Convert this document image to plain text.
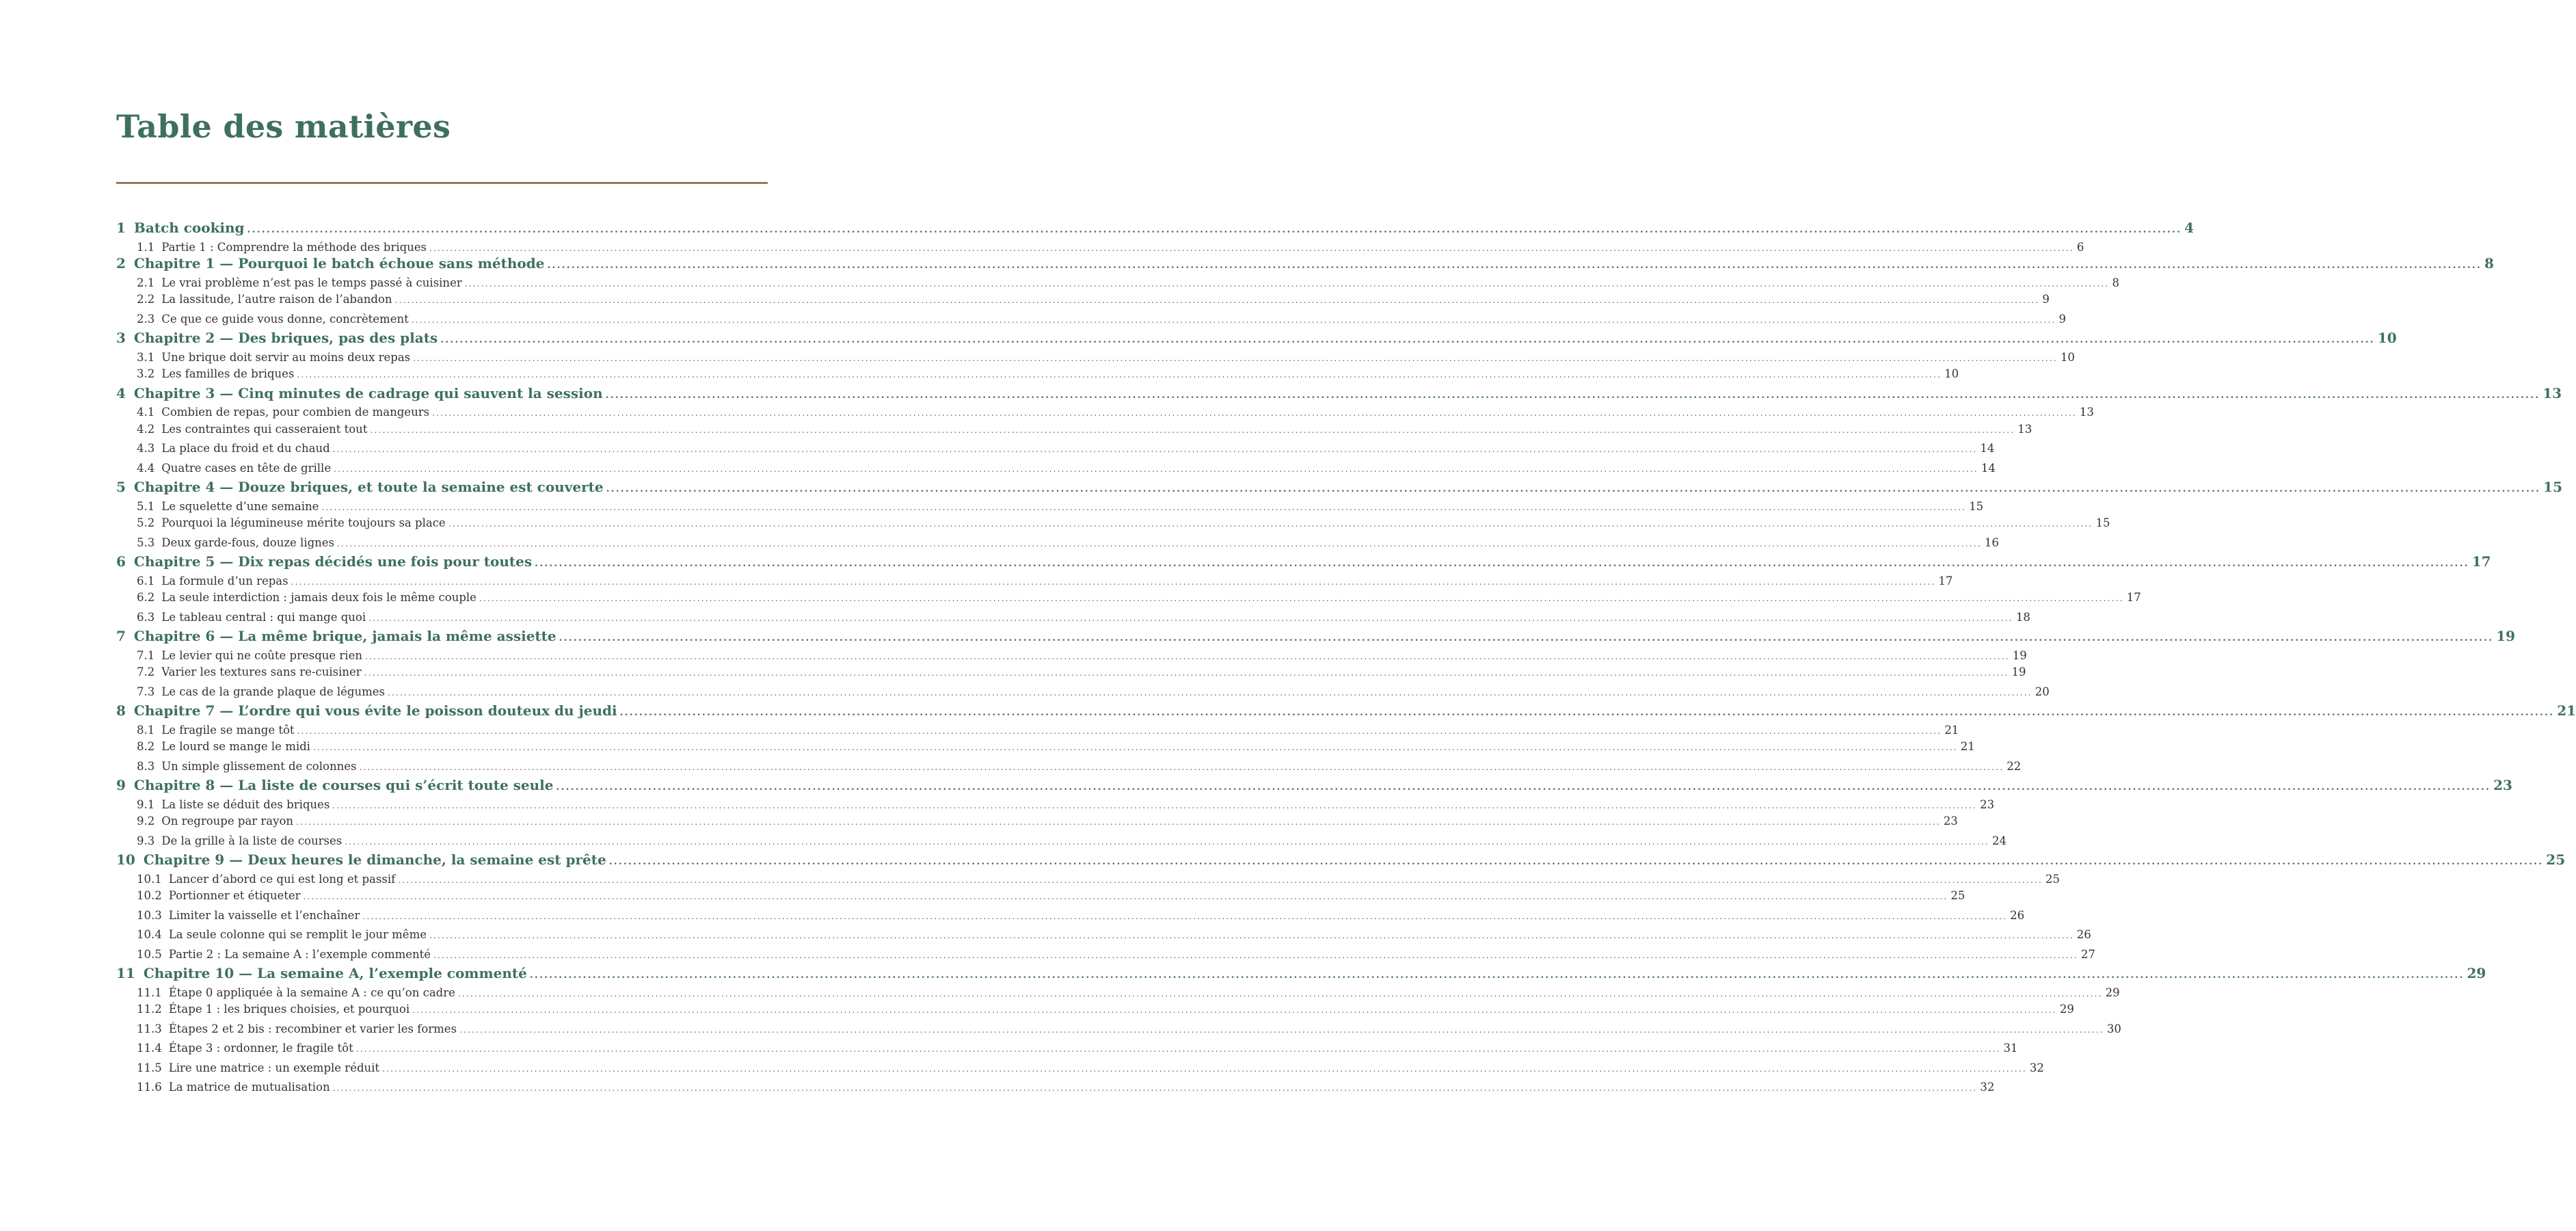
Table des matières
1 Batch cooking ................................................................................................................................................................................................................................................................................................................................................................................................................ 4
1.1 Partie 1 : Comprendre la méthode des briques ................................................................................................................................................................................................................................................................................................................................................................................................................ 6
2 Chapitre 1 — Pourquoi le batch échoue sans méthode ................................................................................................................................................................................................................................................................................................................................................................................................................ 8
2.1 Le vrai problème n’est pas le temps passé à cuisiner ................................................................................................................................................................................................................................................................................................................................................................................................................ 8
2.2 La lassitude, l’autre raison de l’abandon ................................................................................................................................................................................................................................................................................................................................................................................................................ 9
2.3 Ce que ce guide vous donne, concrètement ................................................................................................................................................................................................................................................................................................................................................................................................................ 9
3 Chapitre 2 — Des briques, pas des plats ................................................................................................................................................................................................................................................................................................................................................................................................................ 10
3.1 Une brique doit servir au moins deux repas ................................................................................................................................................................................................................................................................................................................................................................................................................ 10
3.2 Les familles de briques ................................................................................................................................................................................................................................................................................................................................................................................................................ 10
4 Chapitre 3 — Cinq minutes de cadrage qui sauvent la session ................................................................................................................................................................................................................................................................................................................................................................................................................ 13
4.1 Combien de repas, pour combien de mangeurs ................................................................................................................................................................................................................................................................................................................................................................................................................ 13
4.2 Les contraintes qui casseraient tout ................................................................................................................................................................................................................................................................................................................................................................................................................ 13
4.3 La place du froid et du chaud ................................................................................................................................................................................................................................................................................................................................................................................................................ 14
4.4 Quatre cases en tête de grille ................................................................................................................................................................................................................................................................................................................................................................................................................ 14
5 Chapitre 4 — Douze briques, et toute la semaine est couverte ................................................................................................................................................................................................................................................................................................................................................................................................................ 15
5.1 Le squelette d’une semaine ................................................................................................................................................................................................................................................................................................................................................................................................................ 15
5.2 Pourquoi la légumineuse mérite toujours sa place ................................................................................................................................................................................................................................................................................................................................................................................................................ 15
5.3 Deux garde-fous, douze lignes ................................................................................................................................................................................................................................................................................................................................................................................................................ 16
6 Chapitre 5 — Dix repas décidés une fois pour toutes ................................................................................................................................................................................................................................................................................................................................................................................................................ 17
6.1 La formule d’un repas ................................................................................................................................................................................................................................................................................................................................................................................................................ 17
6.2 La seule interdiction : jamais deux fois le même couple ................................................................................................................................................................................................................................................................................................................................................................................................................ 17
6.3 Le tableau central : qui mange quoi ................................................................................................................................................................................................................................................................................................................................................................................................................ 18
7 Chapitre 6 — La même brique, jamais la même assiette ................................................................................................................................................................................................................................................................................................................................................................................................................ 19
7.1 Le levier qui ne coûte presque rien ................................................................................................................................................................................................................................................................................................................................................................................................................ 19
7.2 Varier les textures sans re-cuisiner ................................................................................................................................................................................................................................................................................................................................................................................................................ 19
7.3 Le cas de la grande plaque de légumes ................................................................................................................................................................................................................................................................................................................................................................................................................ 20
8 Chapitre 7 — L’ordre qui vous évite le poisson douteux du jeudi ................................................................................................................................................................................................................................................................................................................................................................................................................ 21
8.1 Le fragile se mange tôt ................................................................................................................................................................................................................................................................................................................................................................................................................ 21
8.2 Le lourd se mange le midi ................................................................................................................................................................................................................................................................................................................................................................................................................ 21
8.3 Un simple glissement de colonnes ................................................................................................................................................................................................................................................................................................................................................................................................................ 22
9 Chapitre 8 — La liste de courses qui s’écrit toute seule ................................................................................................................................................................................................................................................................................................................................................................................................................ 23
9.1 La liste se déduit des briques ................................................................................................................................................................................................................................................................................................................................................................................................................ 23
9.2 On regroupe par rayon ................................................................................................................................................................................................................................................................................................................................................................................................................ 23
9.3 De la grille à la liste de courses ................................................................................................................................................................................................................................................................................................................................................................................................................ 24
10 Chapitre 9 — Deux heures le dimanche, la semaine est prête ................................................................................................................................................................................................................................................................................................................................................................................................................ 25
10.1 Lancer d’abord ce qui est long et passif ................................................................................................................................................................................................................................................................................................................................................................................................................ 25
10.2 Portionner et étiqueter ................................................................................................................................................................................................................................................................................................................................................................................................................ 25
10.3 Limiter la vaisselle et l’enchaîner ................................................................................................................................................................................................................................................................................................................................................................................................................ 26
10.4 La seule colonne qui se remplit le jour même ................................................................................................................................................................................................................................................................................................................................................................................................................ 26
10.5 Partie 2 : La semaine A : l’exemple commenté ................................................................................................................................................................................................................................................................................................................................................................................................................ 27
11 Chapitre 10 — La semaine A, l’exemple commenté ................................................................................................................................................................................................................................................................................................................................................................................................................ 29
11.1 Étape 0 appliquée à la semaine A : ce qu’on cadre ................................................................................................................................................................................................................................................................................................................................................................................................................ 29
11.2 Étape 1 : les briques choisies, et pourquoi ................................................................................................................................................................................................................................................................................................................................................................................................................ 29
11.3 Étapes 2 et 2 bis : recombiner et varier les formes ................................................................................................................................................................................................................................................................................................................................................................................................................ 30
11.4 Étape 3 : ordonner, le fragile tôt ................................................................................................................................................................................................................................................................................................................................................................................................................ 31
11.5 Lire une matrice : un exemple réduit ................................................................................................................................................................................................................................................................................................................................................................................................................ 32
11.6 La matrice de mutualisation ................................................................................................................................................................................................................................................................................................................................................................................................................ 32
